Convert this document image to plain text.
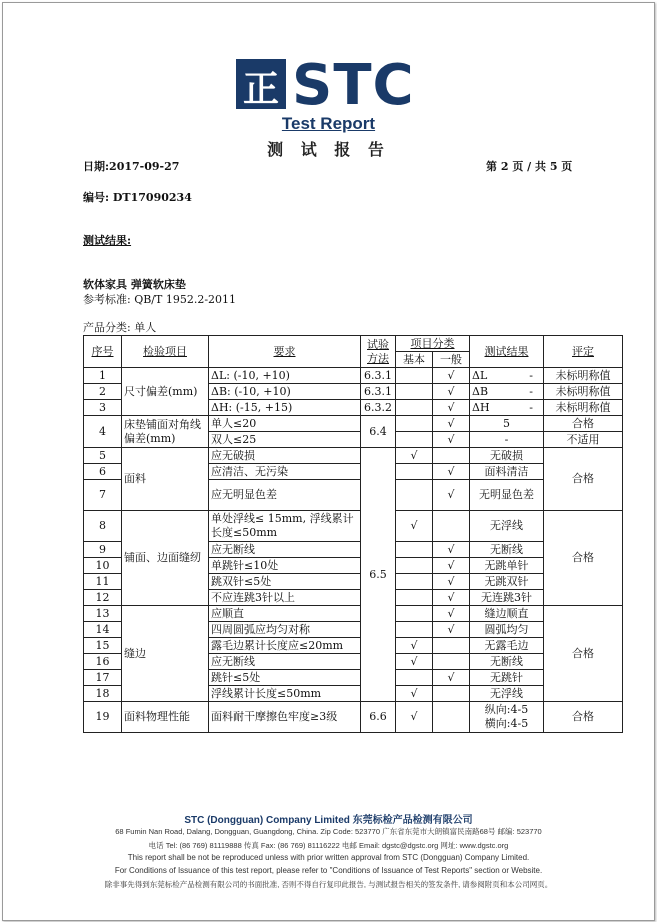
正 STC
Test Report
测 试 报 告
日期:2017-09-27	第 2 页 / 共 5 页
编号: DT17090234
测试结果:
软体家具 弹簧软床垫
参考标准: QB/T 1952.2-2011
产品分类: 单人
序号	检验项目	要求	试验
方法	项目分类		测试结果	评定
				基本	一般		
1	尺寸偏差(mm)	ΔL: (-10, +10)	6.3.1		√	ΔL -	未标明称值
2		ΔB: (-10, +10)	6.3.1		√	ΔB -	未标明称值
3		ΔH: (-15, +15)	6.3.2		√	ΔH -	未标明称值
4	床垫铺面对角线偏差(mm)	单人≤20	6.4		√	5	合格
		双人≤25			√	-	不适用
5	面料	应无破损	6.5	√		无破损	合格
6		应清洁、无污染			√	面料清洁	
7		应无明显色差			√	无明显色差	
8	铺面、边面缝纫	单处浮线≤ 15mm, 浮线累计长度≤50mm		√		无浮线	合格
9		应无断线			√	无断线	
10		单跳针≤10处			√	无跳单针	
11		跳双针≤5处			√	无跳双针	
12		不应连跳3针以上			√	无连跳3针	
13	缝边	应顺直			√	缝边顺直	合格
14		四周圆弧应均匀对称			√	圆弧均匀	
15		露毛边累计长度应≤20mm		√		无露毛边	
16		应无断线		√		无断线	
17		跳针≤5处			√	无跳针	
18		浮线累计长度≤50mm		√		无浮线	
19	面料物理性能	面料耐干摩擦色牢度≥3级	6.6	√		纵向:4-5
横向:4-5	合格
STC (Dongguan) Company Limited 东莞标检产品检测有限公司
68 Fumin Nan Road, Dalang, Dongguan, Guangdong, China. Zip Code: 523770 广东省东莞市大朗镇富民南路68号 邮编: 523770
电话 Tel: (86 769) 81119888 传真 Fax: (86 769) 81116222 电邮 Email: dgstc@dgstc.org 网址: www.dgstc.org
This report shall be not be reproduced unless with prior written approval from STC (Dongguan) Company Limited.
For Conditions of Issuance of this test report, please refer to "Conditions of Issuance of Test Reports" section or Website.
除非事先得到东莞标检产品检测有限公司的书面批准, 否则不得自行复印此报告, 与测试报告相关的签发条件, 请参阅附页和本公司网页。
